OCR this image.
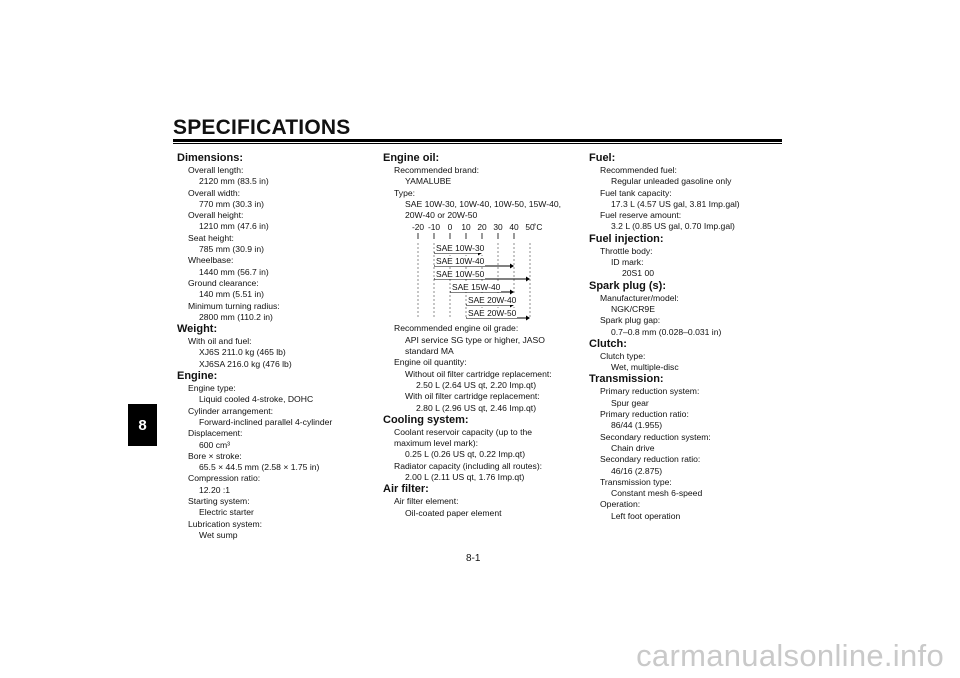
SPECIFICATIONS
8
Dimensions:
Overall length:
2120 mm (83.5 in)
Overall width:
770 mm (30.3 in)
Overall height:
1210 mm (47.6 in)
Seat height:
785 mm (30.9 in)
Wheelbase:
1440 mm (56.7 in)
Ground clearance:
140 mm (5.51 in)
Minimum turning radius:
2800 mm (110.2 in)
Weight:
With oil and fuel:
XJ6S 211.0 kg (465 lb)
XJ6SA 216.0 kg (476 lb)
Engine:
Engine type:
Liquid cooled 4-stroke, DOHC
Cylinder arrangement:
Forward-inclined parallel 4-cylinder
Displacement:
600 cm³
Bore × stroke:
65.5 × 44.5 mm (2.58 × 1.75 in)
Compression ratio:
12.20 :1
Starting system:
Electric starter
Lubrication system:
Wet sump
Engine oil:
Recommended brand:
YAMALUBE
Type:
SAE 10W-30, 10W-40, 10W-50, 15W-40,
20W-40 or 20W-50
-20 -10 0 10 20 30 40 50
˚C
SAE 10W-30
SAE 10W-40
SAE 10W-50
SAE 15W-40
SAE 20W-40
SAE 20W-50
Recommended engine oil grade:
API service SG type or higher, JASO
standard MA
Engine oil quantity:
Without oil filter cartridge replacement:
2.50 L (2.64 US qt, 2.20 Imp.qt)
With oil filter cartridge replacement:
2.80 L (2.96 US qt, 2.46 Imp.qt)
Cooling system:
Coolant reservoir capacity (up to the
maximum level mark):
0.25 L (0.26 US qt, 0.22 Imp.qt)
Radiator capacity (including all routes):
2.00 L (2.11 US qt, 1.76 Imp.qt)
Air filter:
Air filter element:
Oil-coated paper element
Fuel:
Recommended fuel:
Regular unleaded gasoline only
Fuel tank capacity:
17.3 L (4.57 US gal, 3.81 Imp.gal)
Fuel reserve amount:
3.2 L (0.85 US gal, 0.70 Imp.gal)
Fuel injection:
Throttle body:
ID mark:
20S1 00
Spark plug (s):
Manufacturer/model:
NGK/CR9E
Spark plug gap:
0.7–0.8 mm (0.028–0.031 in)
Clutch:
Clutch type:
Wet, multiple-disc
Transmission:
Primary reduction system:
Spur gear
Primary reduction ratio:
86/44 (1.955)
Secondary reduction system:
Chain drive
Secondary reduction ratio:
46/16 (2.875)
Transmission type:
Constant mesh 6-speed
Operation:
Left foot operation
8-1
carmanualsonline.info
